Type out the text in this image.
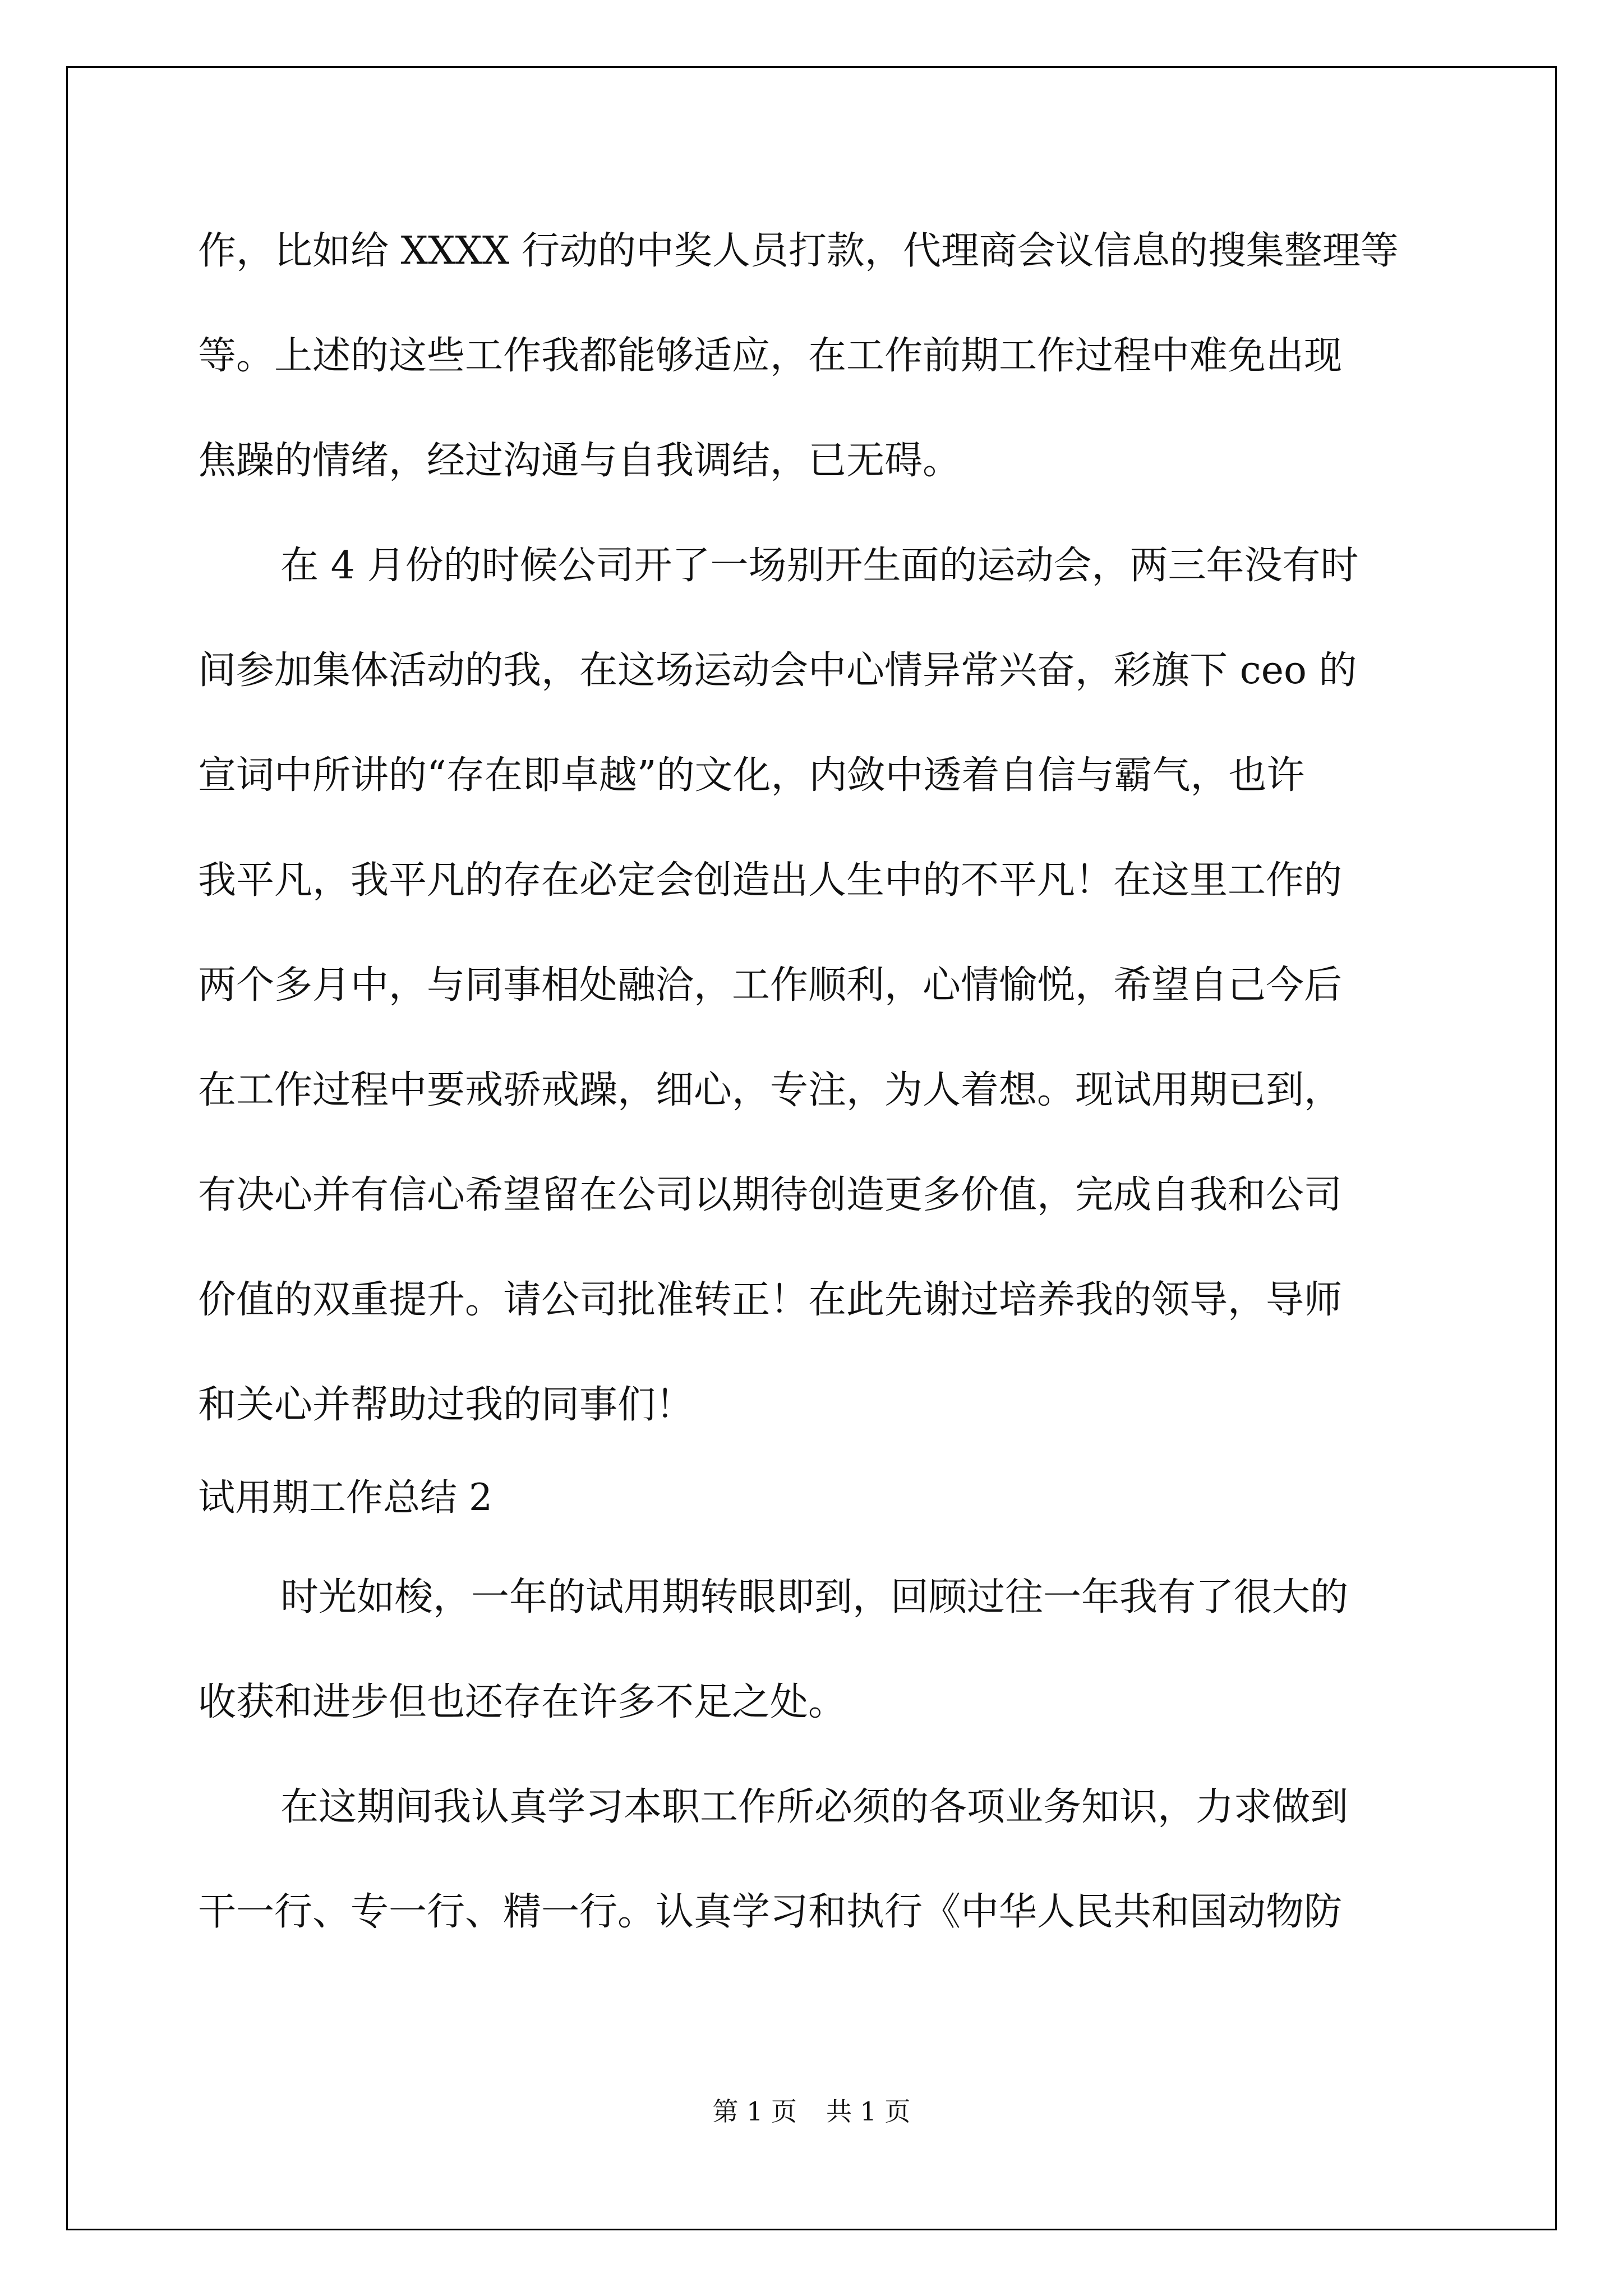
作，比如给 XXXX 行动的中奖人员打款，代理商会议信息的搜集整理等

等。上述的这些工作我都能够适应，在工作前期工作过程中难免出现

焦躁的情绪，经过沟通与自我调结，已无碍。

在 4 月份的时候公司开了一场别开生面的运动会，两三年没有时

间参加集体活动的我，在这场运动会中心情异常兴奋，彩旗下 ceo 的

宣词中所讲的“存在即卓越”的文化，内敛中透着自信与霸气，也许

我平凡，我平凡的存在必定会创造出人生中的不平凡！在这里工作的

两个多月中，与同事相处融洽，工作顺利，心情愉悦，希望自己今后

在工作过程中要戒骄戒躁，细心，专注，为人着想。现试用期已到，

有决心并有信心希望留在公司以期待创造更多价值，完成自我和公司

价值的双重提升。请公司批准转正！在此先谢过培养我的领导，导师

和关心并帮助过我的同事们！

试用期工作总结 2

时光如梭，一年的试用期转眼即到，回顾过往一年我有了很大的

收获和进步但也还存在许多不足之处。

在这期间我认真学习本职工作所必须的各项业务知识，力求做到

干一行、专一行、精一行。认真学习和执行《中华人民共和国动物防

第 1 页 共 1 页
